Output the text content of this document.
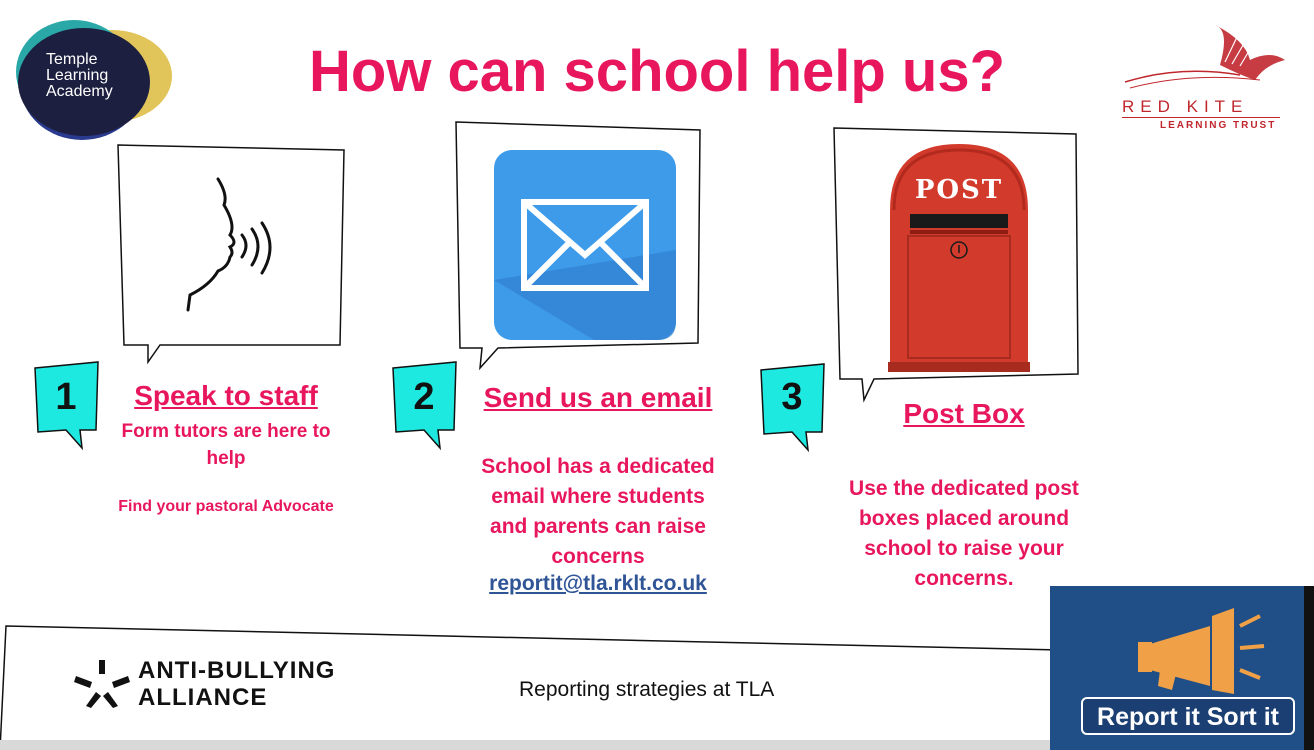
Temple
Learning
Academy	How can school help us?
RED KITE
LEARNING TRUST
POST
1	2	3
Speak to staff
Form tutors are here to
help
Find your pastoral Advocate
Send us an email
School has a dedicated
email where students
and parents can raise
concerns
reportit@tla.rklt.co.uk
Post Box
Use the dedicated post
boxes placed around
school to raise your
concerns.
ANTI-BULLYING
ALLIANCE	Reporting strategies at TLA
Report it Sort it
